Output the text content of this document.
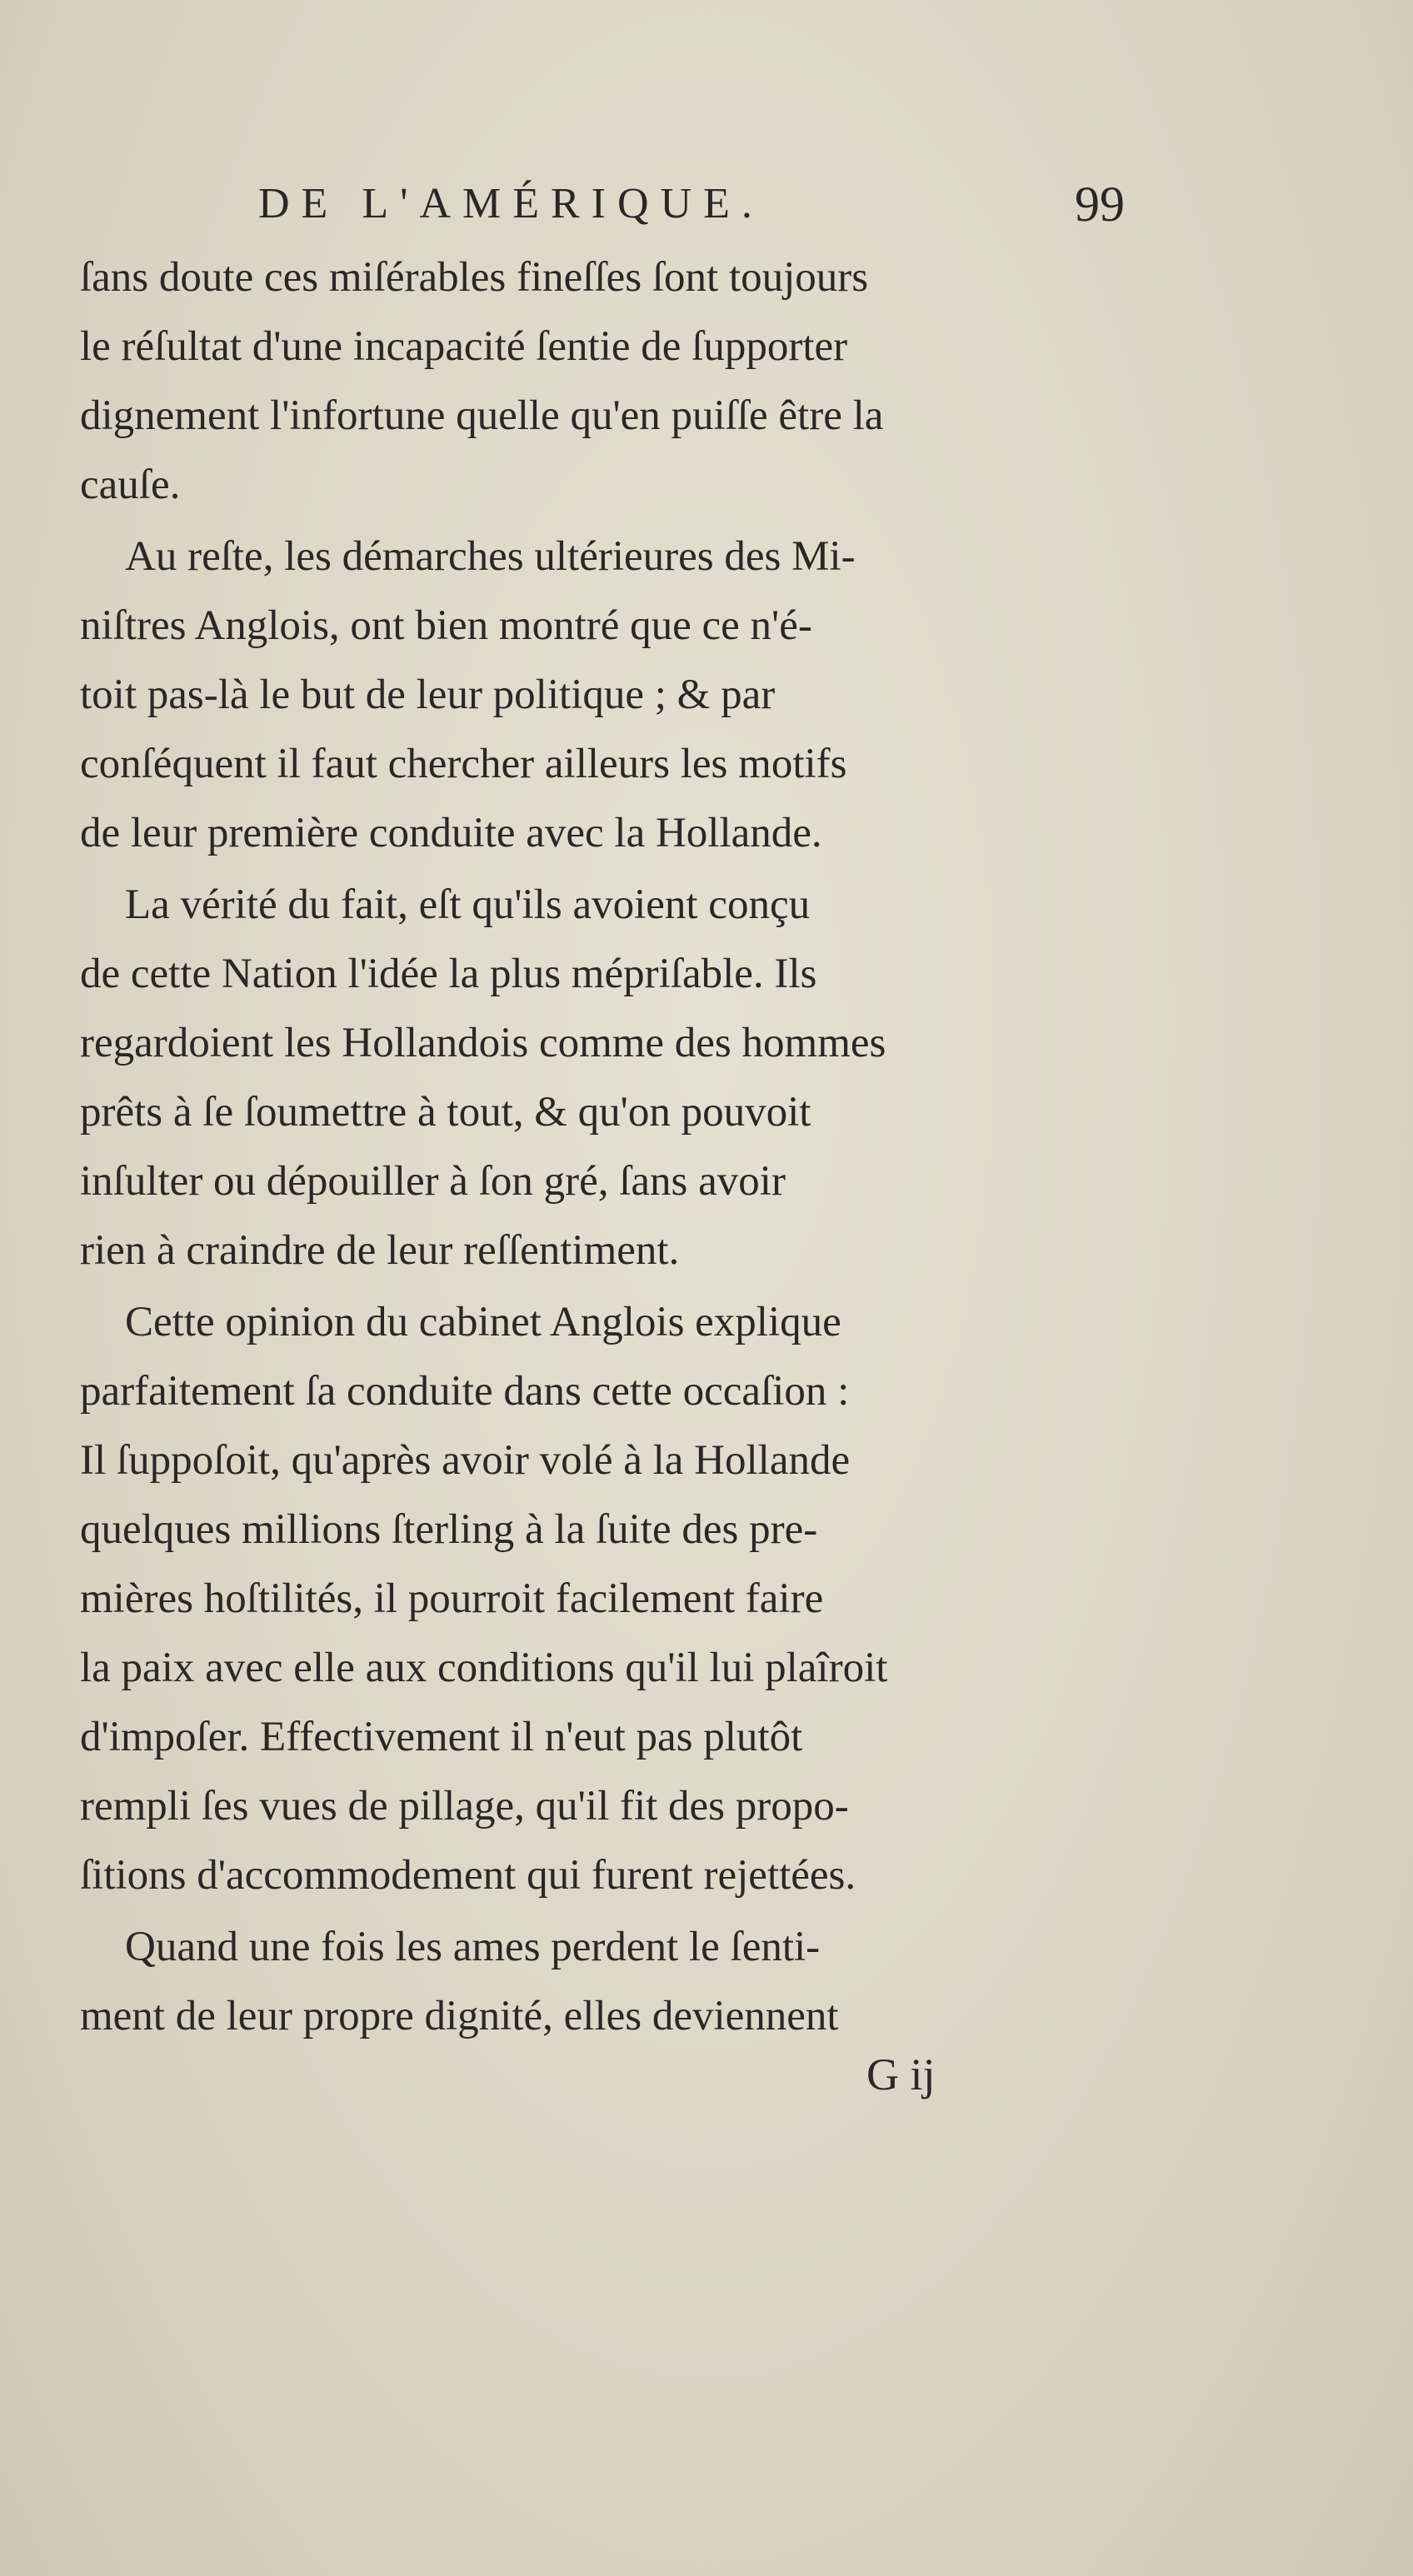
DE L'AMÉRIQUE.	99
ſans doute ces miſérables fineſſes ſont toujours
le réſultat d'une incapacité ſentie de ſupporter
dignement l'infortune quelle qu'en puiſſe être la
cauſe.
Au reſte, les démarches ultérieures des Mi-
niſtres Anglois, ont bien montré que ce n'é-
toit pas-là le but de leur politique ; & par
conſéquent il faut chercher ailleurs les motifs
de leur première conduite avec la Hollande.
La vérité du fait, eſt qu'ils avoient conçu
de cette Nation l'idée la plus mépriſable. Ils
regardoient les Hollandois comme des hommes
prêts à ſe ſoumettre à tout, & qu'on pouvoit
inſulter ou dépouiller à ſon gré, ſans avoir
rien à craindre de leur reſſentiment.
Cette opinion du cabinet Anglois explique
parfaitement ſa conduite dans cette occaſion :
Il ſuppoſoit, qu'après avoir volé à la Hollande
quelques millions ſterling à la ſuite des pre-
mières hoſtilités, il pourroit facilement faire
la paix avec elle aux conditions qu'il lui plaîroit
d'impoſer. Effectivement il n'eut pas plutôt
rempli ſes vues de pillage, qu'il fit des propo-
ſitions d'accommodement qui furent rejettées.
Quand une fois les ames perdent le ſenti-
ment de leur propre dignité, elles deviennent
G ij
